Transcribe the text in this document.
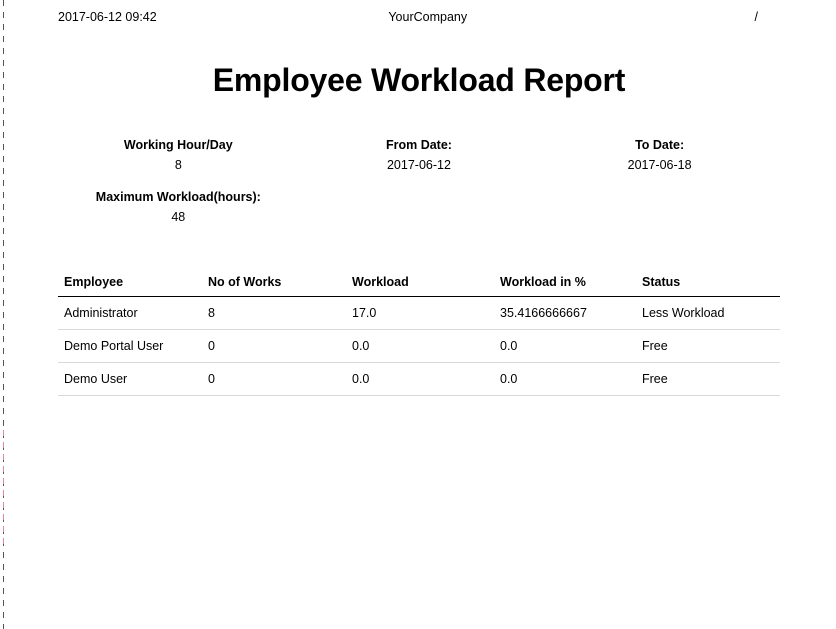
2017-06-12 09:42	YourCompany	/
Employee Workload Report
Working Hour/Day
8
From Date:
2017-06-12
To Date:
2017-06-18
Maximum Workload(hours):
48
Employee	No of Works	Workload	Workload in %	Status
Administrator	8	17.0	35.4166666667	Less Workload
Demo Portal User	0	0.0	0.0	Free
Demo User	0	0.0	0.0	Free
